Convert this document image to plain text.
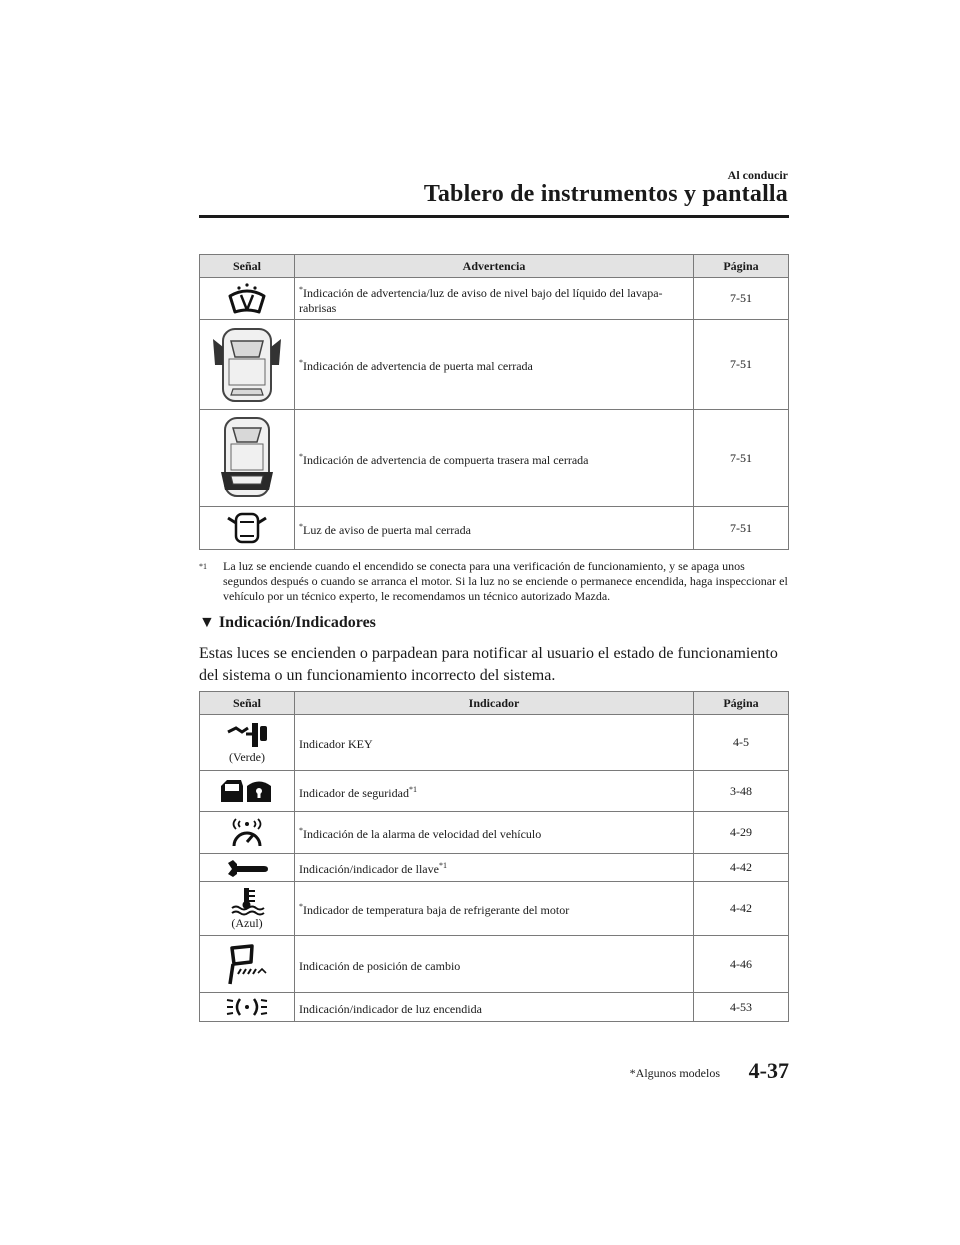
Al conducir
Tablero de instrumentos y pantalla
Señal	Advertencia	Página

	*Indicación de advertencia/luz de aviso de nivel bajo del líquido del lavapa-rabrisas	7-51

	*Indicación de advertencia de puerta mal cerrada	7-51

	*Indicación de advertencia de compuerta trasera mal cerrada	7-51

	*Luz de aviso de puerta mal cerrada	7-51
*1 La luz se enciende cuando el encendido se conecta para una verificación de funcionamiento, y se apaga unos segundos después o cuando se arranca el motor. Si la luz no se enciende o permanece encendida, haga inspeccionar el vehículo por un técnico experto, le recomendamos un técnico autorizado Mazda.
▼ Indicación/Indicadores
Estas luces se encienden o parpadean para notificar al usuario el estado de funcionamiento del sistema o un funcionamiento incorrecto del sistema.
Señal	Indicador	Página

(Verde)	Indicador KEY	4-5

	Indicador de seguridad$^{*1}$	3-48

	*Indicación de la alarma de velocidad del vehículo	4-29

	Indicación/indicador de llave$^{*1}$	4-42

(Azul)	*Indicador de temperatura baja de refrigerante del motor	4-42

	Indicación de posición de cambio	4-46

	Indicación/indicador de luz encendida	4-53
*Algunos modelos 4-37
